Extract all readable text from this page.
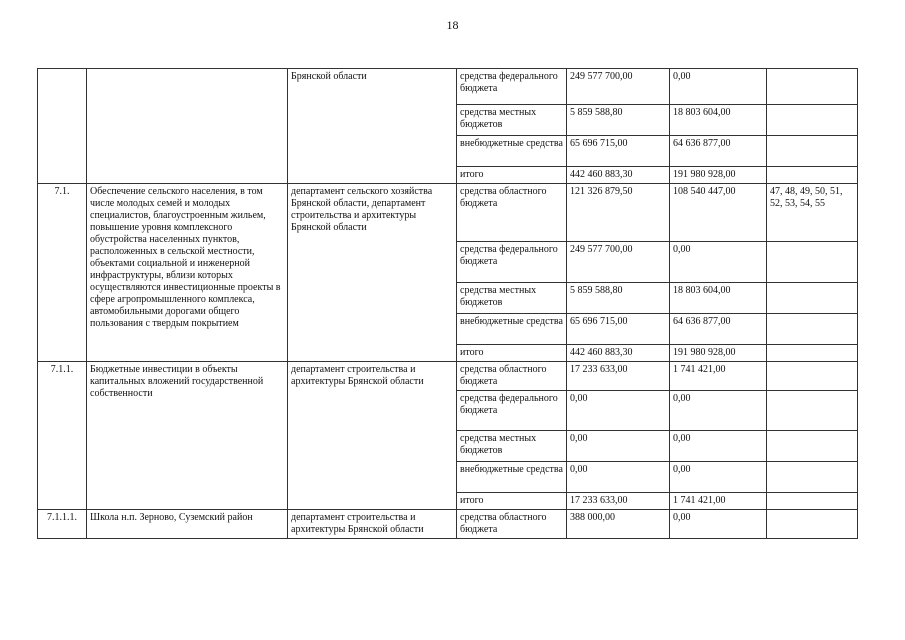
18
		Брянской области	средства федерального бюджета	249 577 700,00	0,00	
			средства местных бюджетов	5 859 588,80	18 803 604,00	
			внебюджетные средства	65 696 715,00	64 636 877,00	
			итого	442 460 883,30	191 980 928,00	
7.1.	Обеспечение сельского населения, в том числе молодых семей и молодых специалистов, благоустроенным жильем, повышение уровня комплексного обустройства населенных пунктов, расположенных в сельской местности, объектами социальной и инженерной инфраструктуры, вблизи которых осуществляются инвестиционные проекты в сфере агропромышленного комплекса, автомобильными дорогами общего пользования с твердым покрытием	департамент сельского хозяйства Брянской области, департамент строительства и архитектуры Брянской области	средства областного бюджета	121 326 879,50	108 540 447,00	47, 48, 49, 50, 51, 52, 53, 54, 55
			средства федерального бюджета	249 577 700,00	0,00	
			средства местных бюджетов	5 859 588,80	18 803 604,00	
			внебюджетные средства	65 696 715,00	64 636 877,00	
			итого	442 460 883,30	191 980 928,00	
7.1.1.	Бюджетные инвестиции в объекты капитальных вложений государственной собственности	департамент строительства и архитектуры Брянской области	средства областного бюджета	17 233 633,00	1 741 421,00	
			средства федерального бюджета	0,00	0,00	
			средства местных бюджетов	0,00	0,00	
			внебюджетные средства	0,00	0,00	
			итого	17 233 633,00	1 741 421,00	
7.1.1.1.	Школа н.п. Зерново, Суземский район	департамент строительства и архитектуры Брянской области	средства областного бюджета	388 000,00	0,00	
